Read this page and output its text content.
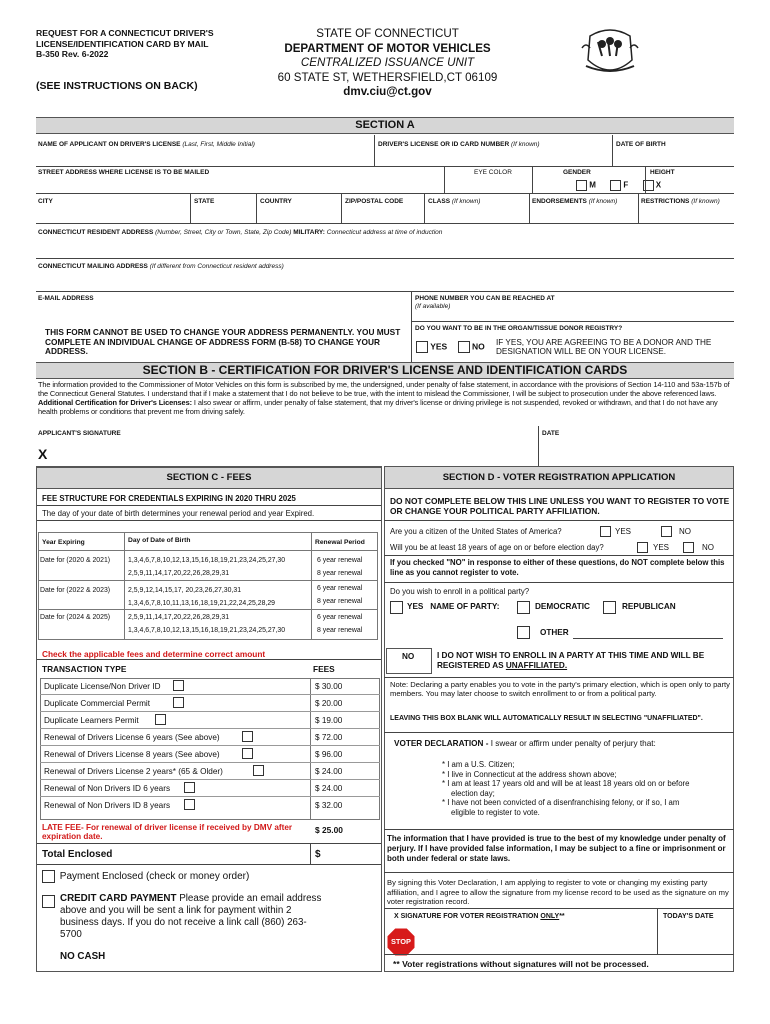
REQUEST FOR A CONNECTICUT DRIVER'S
LICENSE/IDENTIFICATION CARD BY MAIL
B-350 Rev. 6-2022
(SEE INSTRUCTIONS ON BACK)
STATE OF CONNECTICUT
DEPARTMENT OF MOTOR VEHICLES
CENTRALIZED ISSUANCE UNIT
60 STATE ST, WETHERSFIELD,CT 06109
dmv.ciu@ct.gov
SECTION A
NAME OF APPLICANT ON DRIVER'S LICENSE (Last, First, Middle Initial)	DRIVER'S LICENSE OR ID CARD NUMBER (If known)	DATE OF BIRTH
STREET ADDRESS WHERE LICENSE IS TO BE MAILED	EYE COLOR	GENDER
M	F	X
HEIGHT
CITY	STATE	COUNTRY	ZIP/POSTAL CODE	CLASS (If known)	ENDORSEMENTS (If known)	RESTRICTIONS (If known)
CONNECTICUT RESIDENT ADDRESS (Number, Street, City or Town, State, Zip Code) MILITARY: Connecticut address at time of induction
CONNECTICUT MAILING ADDRESS (If different from Connecticut resident address)
E-MAIL ADDRESS	PHONE NUMBER YOU CAN BE REACHED AT
(If available)
THIS FORM CANNOT BE USED TO CHANGE YOUR ADDRESS PERMANENTLY. YOU MUST COMPLETE AN INDIVIDUAL CHANGE OF ADDRESS FORM (B-58) TO CHANGE YOUR ADDRESS.
DO YOU WANT TO BE IN THE ORGAN/TISSUE DONOR REGISTRY?
YES	NO IF YES, YOU ARE AGREEING TO BE A DONOR AND THE DESIGNATION WILL BE ON YOUR LICENSE.
SECTION B - CERTIFICATION FOR DRIVER'S LICENSE AND IDENTIFICATION CARDS
The information provided to the Commissioner of Motor Vehicles on this form is subscribed by me, the undersigned, under penalty of false statement, in accordance with the provisions of Section 14-110 and 53a-157b of the Connecticut General Statutes. I understand that if I make a statement that I do not believe to be true, with the intent to mislead the Commissioner, I will be subject to prosecution under the above referenced laws. Additional Certification for Driver's Licenses: I also swear or affirm, under penalty of false statement, that my driver's license or driving privilege is not suspended, revoked or withdrawn, and that I do not have any health problems or conditions that prevent me from driving safely.
APPLICANT'S SIGNATURE	DATE
X
SECTION C - FEES
FEE STRUCTURE FOR CREDENTIALS EXPIRING IN 2020 THRU 2025
The day of your date of birth determines your renewal period and year Expired.
Year Expiring	Day of Date of Birth	Renewal Period
Date for (2020 & 2021)	1,3,4,6,7,8,10,12,13,15,16,18,19,21,23,24,25,27,30	6 year renewal
2,5,9,11,14,17,20,22,26,28,29,31	8 year renewal
Date for (2022 & 2023)	2,5,9,12,14,15,17, 20,23,26,27,30,31	6 year renewal
1,3,4,6,7,8,10,11,13,16,18,19,21,22,24,25,28,29	8 year renewal
Date for (2024 & 2025)	2,5,9,11,14,17,20,22,26,28,29,31	6 year renewal
1,3,4,6,7,8,10,12,13,15,16,18,19,21,23,24,25,27,30	8 year renewal
Check the applicable fees and determine correct amount
TRANSACTION TYPE	FEES
Duplicate License/Non Driver ID	$ 30.00
Duplicate Commercial Permit	$ 20.00
Duplicate Learners Permit	$ 19.00
Renewal of Drivers License 6 years (See above)	$ 72.00
Renewal of Drivers License 8 years (See above)	$ 96.00
Renewal of Drivers License 2 years* (65 & Older)	$ 24.00
Renewal of Non Drivers ID 6 years	$ 24.00
Renewal of Non Drivers ID 8 years	$ 32.00
LATE FEE- For renewal of driver license if received by DMV after expiration date.
$ 25.00
Total Enclosed	$
Payment Enclosed (check or money order)
CREDIT CARD PAYMENT Please provide an email address above and you will be sent a link for payment within 2 business days. If you do not receive a link call (860) 263-5700
NO CASH
SECTION D - VOTER REGISTRATION APPLICATION
DO NOT COMPLETE BELOW THIS LINE UNLESS YOU WANT TO REGISTER TO VOTE OR CHANGE YOUR POLITICAL PARTY AFFILIATION.
Are you a citizen of the United States of America?	YES	NO
Will you be at least 18 years of age on or before election day?	YES	NO
If you checked "NO" in response to either of these questions, do NOT complete below this line as you cannot register to vote.
Do you wish to enroll in a political party?
YES   NAME OF PARTY:	DEMOCRATIC	REPUBLICAN
OTHER
NO	I DO NOT WISH TO ENROLL IN A PARTY AT THIS TIME AND WILL BE REGISTERED AS UNAFFILIATED.
Note: Declaring a party enables you to vote in the party's primary election, which is open only to party members. You may later choose to switch enrollment to or from a political party.
LEAVING THIS BOX BLANK WILL AUTOMATICALLY RESULT IN SELECTING "UNAFFILIATED".
VOTER DECLARATION - I swear or affirm under penalty of perjury that:
* I am a U.S. Citizen;
* I live in Connecticut at the address shown above;
* I am at least 17 years old and will be at least 18 years old on or before election day;
* I have not been convicted of a disenfranchising felony, or if so, I am eligible to register to vote.
The information that I have provided is true to the best of my knowledge under penalty of perjury. If I have provided false information, I may be subject to a fine or imprisonment or both under federal or state laws.
By signing this Voter Declaration, I am applying to register to vote or changing my existing party affiliation, and I agree to allow the signature from my license record to be used as the signature on my voter registration record.
X SIGNATURE FOR VOTER REGISTRATION ONLY**	TODAY'S DATE
STOP
** Voter registrations without signatures will not be processed.
